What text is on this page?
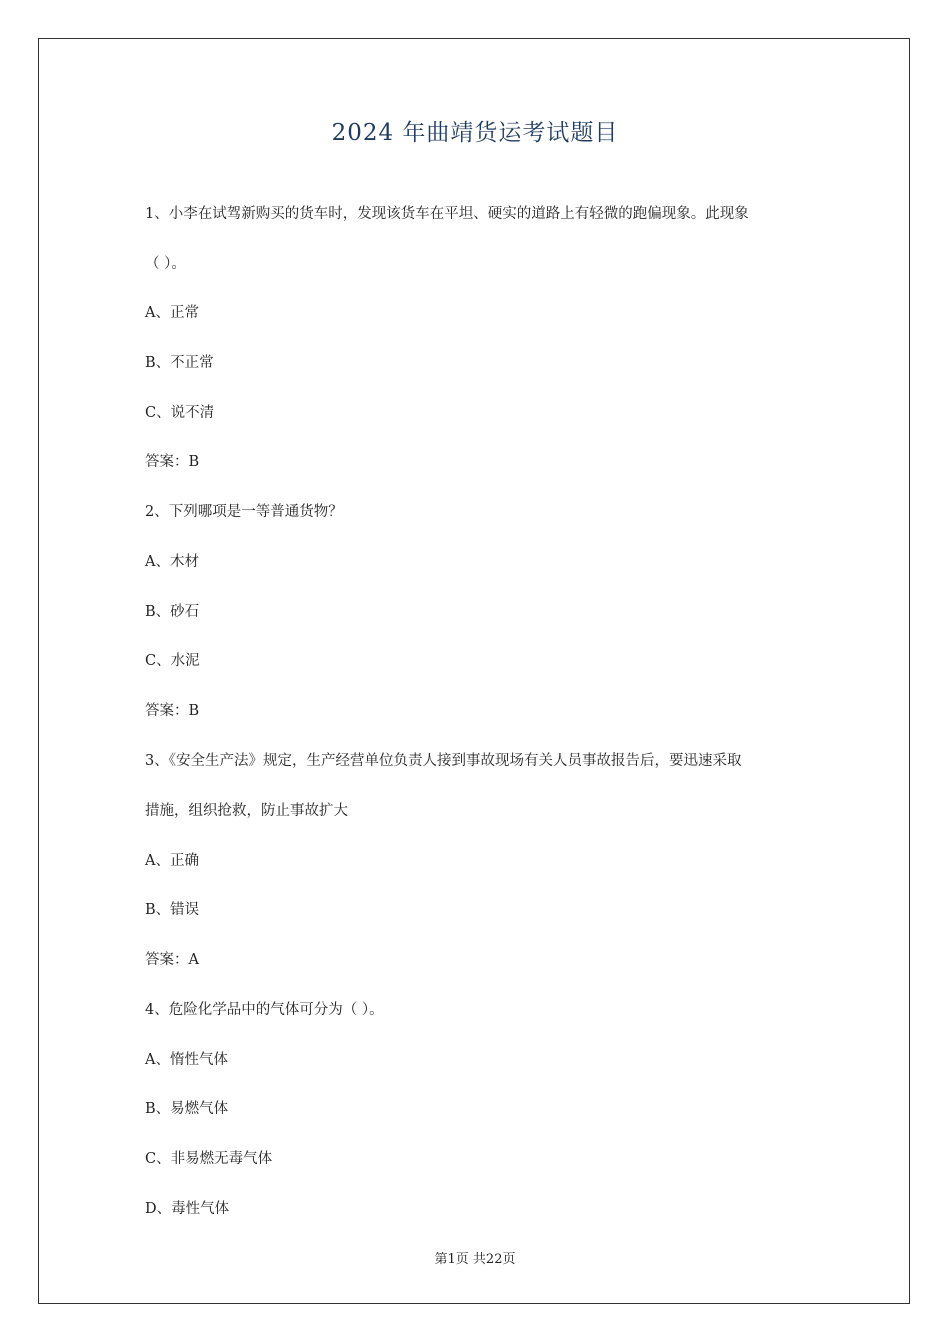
2024 年曲靖货运考试题目
1、小李在试驾新购买的货车时，发现该货车在平坦、硬实的道路上有轻微的跑偏现象。此现象
（ ）。
A、正常
B、不正常
C、说不清
答案：B
2、下列哪项是一等普通货物？
A、木材
B、砂石
C、水泥
答案：B
3、《安全生产法》规定，生产经营单位负责人接到事故现场有关人员事故报告后，要迅速采取
措施，组织抢救，防止事故扩大
A、正确
B、错误
答案：A
4、危险化学品中的气体可分为（ ）。
A、惰性气体
B、易燃气体
C、非易燃无毒气体
D、毒性气体
第1页 共22页
